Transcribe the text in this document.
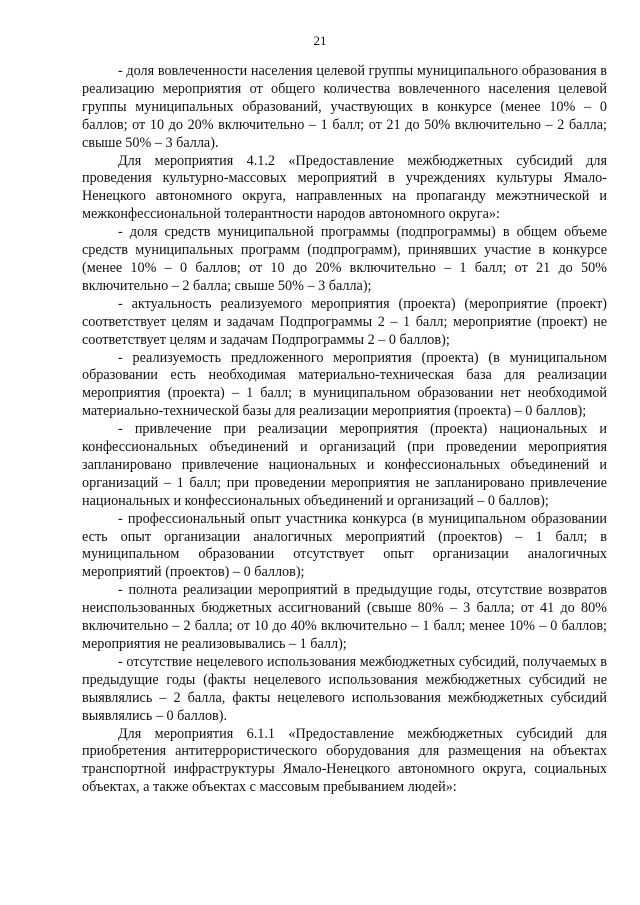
21

- доля вовлеченности населения целевой группы муниципального образования в реализацию мероприятия от общего количества вовлеченного населения целевой группы муниципальных образований, участвующих в конкурсе (менее 10% – 0 баллов; от 10 до 20% включительно – 1 балл; от 21 до 50% включительно – 2 балла; свыше 50% – 3 балла).

Для мероприятия 4.1.2 «Предоставление межбюджетных субсидий для проведения культурно-массовых мероприятий в учреждениях культуры Ямало-Ненецкого автономного округа, направленных на пропаганду межэтнической и межконфессиональной толерантности народов автономного округа»:

- доля средств муниципальной программы (подпрограммы) в общем объеме средств муниципальных программ (подпрограмм), принявших участие в конкурсе (менее 10% – 0 баллов; от 10 до 20% включительно – 1 балл; от 21 до 50% включительно – 2 балла; свыше 50% – 3 балла);

- актуальность реализуемого мероприятия (проекта) (мероприятие (проект) соответствует целям и задачам Подпрограммы 2 – 1 балл; мероприятие (проект) не соответствует целям и задачам Подпрограммы 2 – 0 баллов);

- реализуемость предложенного мероприятия (проекта) (в муниципальном образовании есть необходимая материально-техническая база для реализации мероприятия (проекта) – 1 балл; в муниципальном образовании нет необходимой материально-технической базы для реализации мероприятия (проекта) – 0 баллов);

- привлечение при реализации мероприятия (проекта) национальных и конфессиональных объединений и организаций (при проведении мероприятия запланировано привлечение национальных и конфессиональных объединений и организаций – 1 балл; при проведении мероприятия не запланировано привлечение национальных и конфессиональных объединений и организаций – 0 баллов);

- профессиональный опыт участника конкурса (в муниципальном образовании есть опыт организации аналогичных мероприятий (проектов) – 1 балл; в муниципальном образовании отсутствует опыт организации аналогичных мероприятий (проектов) – 0 баллов);

- полнота реализации мероприятий в предыдущие годы, отсутствие возвратов неиспользованных бюджетных ассигнований (свыше 80% – 3 балла; от 41 до 80% включительно – 2 балла; от 10 до 40% включительно – 1 балл; менее 10% – 0 баллов; мероприятия не реализовывались – 1 балл);

- отсутствие нецелевого использования межбюджетных субсидий, получаемых в предыдущие годы (факты нецелевого использования межбюджетных субсидий не выявлялись – 2 балла, факты нецелевого использования межбюджетных субсидий выявлялись – 0 баллов).

Для мероприятия 6.1.1 «Предоставление межбюджетных субсидий для приобретения антитеррористического оборудования для размещения на объектах транспортной инфраструктуры Ямало-Ненецкого автономного округа, социальных объектах, а также объектах с массовым пребыванием людей»:
